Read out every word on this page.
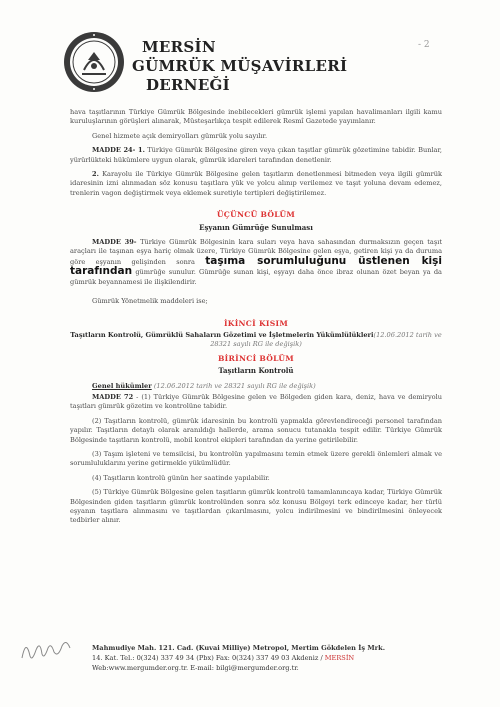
MERSİN
GÜMRÜK MÜŞAVİRLERİ
DERNEĞİ
- 2

hava taşıtlarının Türkiye Gümrük Bölgesinde inebilecekleri gümrük işlemi yapılan havalimanları ilgili kamu kuruluşlarının görüşleri alınarak, Müsteşarlıkça tespit edilerek Resmî Gazetede yayımlanır.

Genel hizmete açık demiryolları gümrük yolu sayılır.

MADDE 24- 1. Türkiye Gümrük Bölgesine giren veya çıkan taşıtlar gümrük gözetimine tabidir. Bunlar, yürürlükteki hükümlere uygun olarak, gümrük idareleri tarafından denetlenir.

2. Karayolu ile Türkiye Gümrük Bölgesine gelen taşıtların denetlenmesi bitmeden veya ilgili gümrük idaresinin izni alınmadan söz konusu taşıtlara yük ve yolcu alınıp verilemez ve taşıt yoluna devam edemez, trenlerin vagon değiştirmek veya eklemek suretiyle tertipleri değiştirilemez.

ÜÇÜNCÜ BÖLÜM
Eşyanın Gümrüğe Sunulması

MADDE 39- Türkiye Gümrük Bölgesinin kara suları veya hava sahasından durmaksızın geçen taşıt araçları ile taşınan eşya hariç olmak üzere, Türkiye Gümrük Bölgesine gelen eşya, getiren kişi ya da duruma göre eşyanın gelişinden sonra taşıma sorumluluğunu üstlenen kişi tarafından gümrüğe sunulur. Gümrüğe sunan kişi, eşyayı daha önce ibraz olunan özet beyan ya da gümrük beyannamesi ile ilişkilendirir.

Gümrük Yönetmelik maddeleri ise;

İKİNCİ KISIM

Taşıtların Kontrolü, Gümrüklü Sahaların Gözetimi ve İşletmelerin Yükümlülükleri(12.06.2012 tarih ve 28321 sayılı RG ile değişik)

BİRİNCİ BÖLÜM
Taşıtların Kontrolü

Genel hükümler (12.06.2012 tarih ve 28321 sayılı RG ile değişik)

MADDE 72 - (1) Türkiye Gümrük Bölgesine gelen ve Bölgeden giden kara, deniz, hava ve demiryolu taşıtları gümrük gözetim ve kontrolüne tabidir.

(2) Taşıtların kontrolü, gümrük idaresinin bu kontrolü yapmakla görevlendireceği personel tarafından yapılır. Taşıtların detaylı olarak aranıldığı hallerde, arama sonucu tutanakla tespit edilir. Türkiye Gümrük Bölgesinde taşıtların kontrolü, mobil kontrol ekipleri tarafından da yerine getirilebilir.

(3) Taşım işleteni ve temsilcisi, bu kontrolün yapılmasını temin etmek üzere gerekli önlemleri almak ve sorumluluklarını yerine getirmekle yükümlüdür.

(4) Taşıtların kontrolü günün her saatinde yapılabilir.

(5) Türkiye Gümrük Bölgesine gelen taşıtların gümrük kontrolü tamamlanıncaya kadar, Türkiye Gümrük Bölgesinden giden taşıtların gümrük kontrolünden sonra söz konusu Bölgeyi terk edinceye kadar, her türlü eşyanın taşıtlara alınmasını ve taşıtlardan çıkarılmasını, yolcu indirilmesini ve bindirilmesini önleyecek tedbirler alınır.

Mahmudiye Mah. 121. Cad. (Kuvai Milliye) Metropol, Mertim Gökdelen İş Mrk.
14. Kat. Tel.: 0(324) 337 49 34 (Pbx) Fax: 0(324) 337 49 03 Akdeniz / MERSİN
Web:www.mergumder.org.tr. E-mail: bilgi@mergumder.org.tr.
